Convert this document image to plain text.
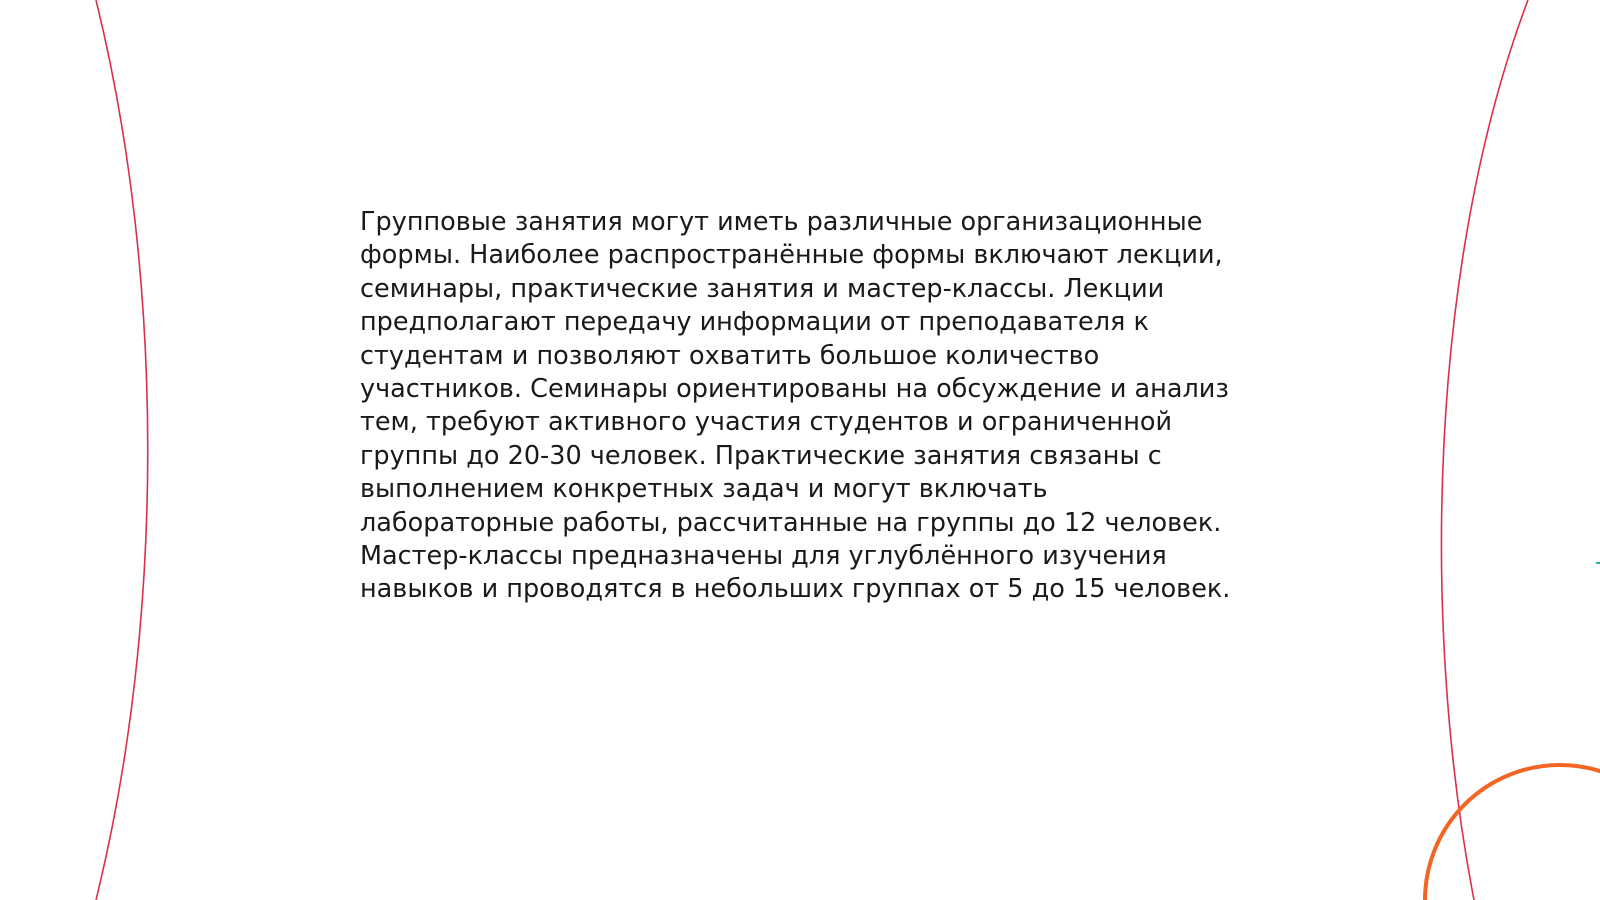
Групповые занятия могут иметь различные организационные формы. Наиболее распространённые формы включают лекции, семинары, практические занятия и мастер-классы. Лекции предполагают передачу информации от преподавателя к студентам и позволяют охватить большое количество участников. Семинары ориентированы на обсуждение и анализ тем, требуют активного участия студентов и ограниченной группы до 20-30 человек. Практические занятия связаны с выполнением конкретных задач и могут включать лабораторные работы, рассчитанные на группы до 12 человек. Мастер-классы предназначены для углублённого изучения навыков и проводятся в небольших группах от 5 до 15 человек.
